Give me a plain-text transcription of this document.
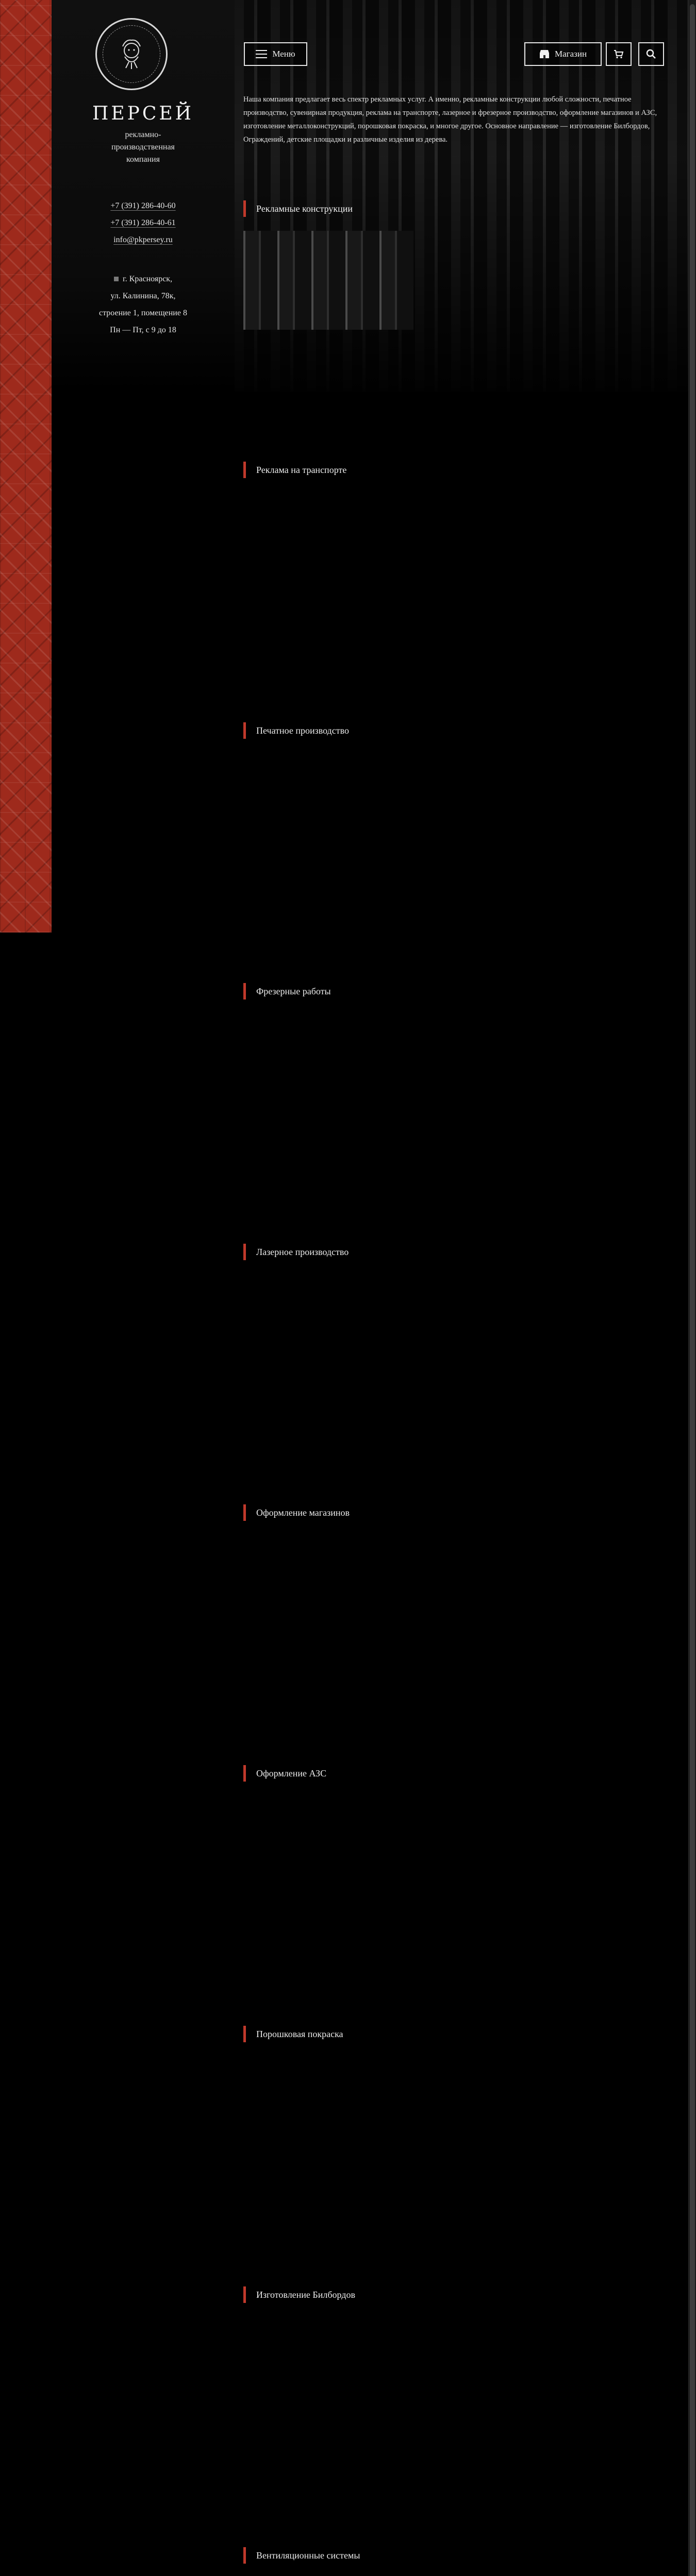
ПЕРСЕЙ
рекламно-
производственная
компания
+7 (391) 286-40-60
+7 (391) 286-40-61
info@pkpersey.ru
г. Красноярск,
ул. Калинина, 78к,
строение 1, помещение 8
Пн — Пт, с 9 до 18
Меню	Магазин

Наша компания предлагает весь спектр рекламных услуг. А именно, рекламные конструкции любой сложности, печатное производство, сувенирная продукция, реклама на транспорте, лазерное и фрезерное производство, оформление магазинов и АЗС, изготовление металлоконструкций, порошковая покраска, и многое другое. Основное направление — изготовление Билбордов, Ограждений, детские площадки и различные изделия из дерева.

Рекламные конструкции
Реклама на транспорте
Печатное производство
Фрезерные работы
Лазерное производство
Оформление магазинов
Оформление АЗС
Порошковая покраска
Изготовление Билбордов
Вентиляционные системы
